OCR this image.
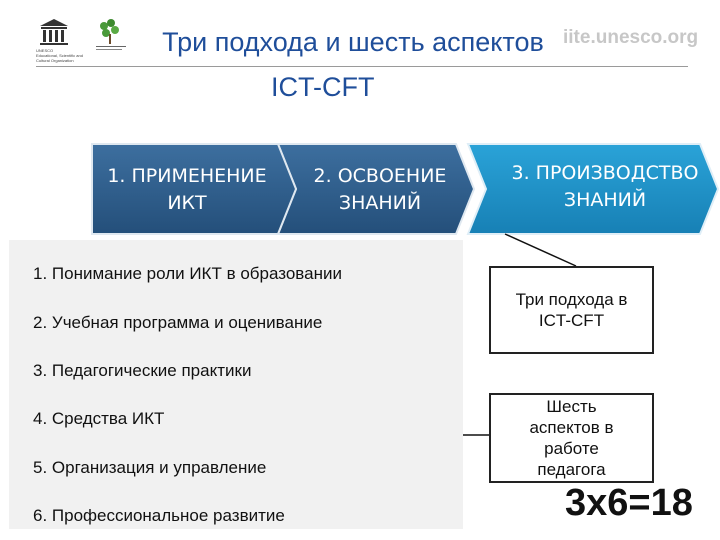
UNESCO
Educational, Scientific and
Cultural Organization
iite.unesco.org
Три подхода и шесть аспектов
ICT-CFT
1. ПРИМЕНЕНИЕ
ИКТ
2. ОСВОЕНИЕ
ЗНАНИЙ
3. ПРОИЗВОДСТВО
ЗНАНИЙ
1. Понимание роли ИКТ в образовании
2. Учебная программа и оценивание
3. Педагогические практики
4. Средства ИКТ
5. Организация и управление
6. Профессиональное развитие
Три подхода в ICT-CFT
Шесть аспектов в работе педагога
3x6=18
